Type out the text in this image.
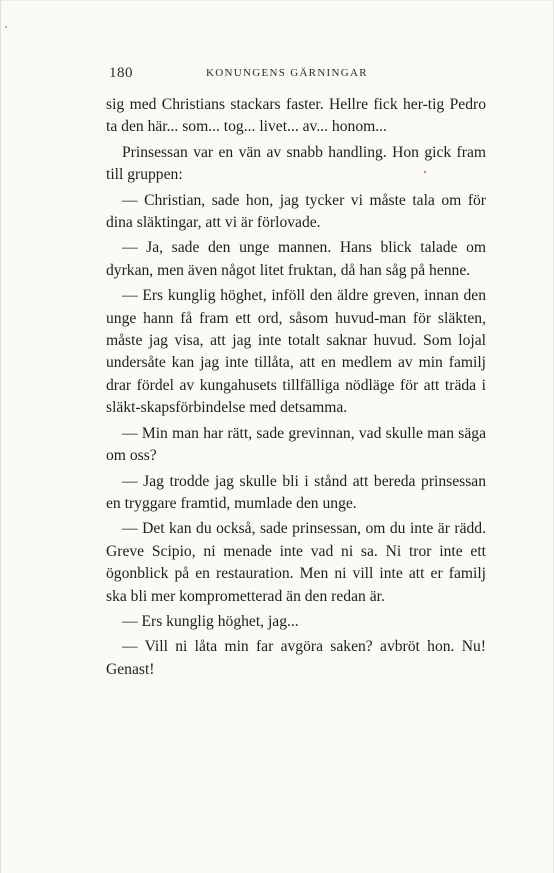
180	KONUNGENS GÄRNINGAR

sig med Christians stackars faster. Hellre fick her-tig Pedro ta den här... som... tog... livet... av... honom...

Prinsessan var en vän av snabb handling. Hon gick fram till gruppen:

— Christian, sade hon, jag tycker vi måste tala om för dina släktingar, att vi är förlovade.

— Ja, sade den unge mannen. Hans blick talade om dyrkan, men även något litet fruktan, då han såg på henne.

— Ers kunglig höghet, inföll den äldre greven, innan den unge hann få fram ett ord, såsom huvud-man för släkten, måste jag visa, att jag inte totalt saknar huvud. Som lojal undersåte kan jag inte tillåta, att en medlem av min familj drar fördel av kungahusets tillfälliga nödläge för att träda i släkt-skapsförbindelse med detsamma.

— Min man har rätt, sade grevinnan, vad skulle man säga om oss?

— Jag trodde jag skulle bli i stånd att bereda prinsessan en tryggare framtid, mumlade den unge.

— Det kan du också, sade prinsessan, om du inte är rädd. Greve Scipio, ni menade inte vad ni sa. Ni tror inte ett ögonblick på en restauration. Men ni vill inte att er familj ska bli mer komprometterad än den redan är.

— Ers kunglig höghet, jag...

— Vill ni låta min far avgöra saken? avbröt hon. Nu! Genast!
